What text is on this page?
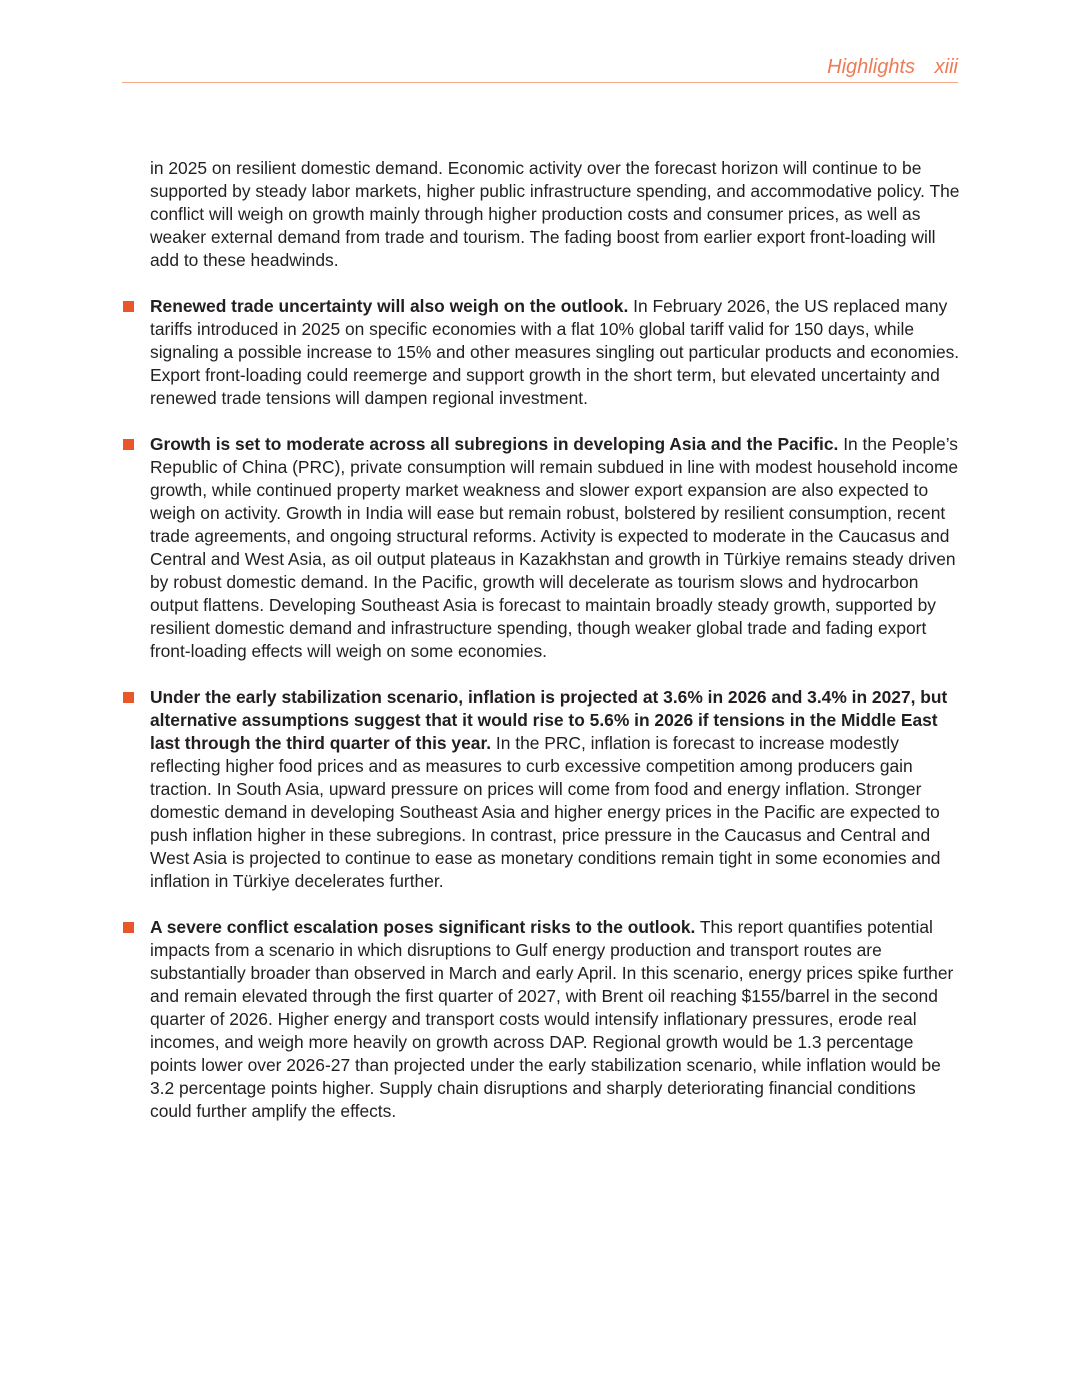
Highlights xiii

in 2025 on resilient domestic demand. Economic activity over the forecast horizon will continue to be supported by steady labor markets, higher public infrastructure spending, and accommodative policy. The conflict will weigh on growth mainly through higher production costs and consumer prices, as well as weaker external demand from trade and tourism. The fading boost from earlier export front-loading will add to these headwinds.

Renewed trade uncertainty will also weigh on the outlook. In February 2026, the US replaced many tariffs introduced in 2025 on specific economies with a flat 10% global tariff valid for 150 days, while signaling a possible increase to 15% and other measures singling out particular products and economies. Export front-loading could reemerge and support growth in the short term, but elevated uncertainty and renewed trade tensions will dampen regional investment.

Growth is set to moderate across all subregions in developing Asia and the Pacific. In the People’s Republic of China (PRC), private consumption will remain subdued in line with modest household income growth, while continued property market weakness and slower export expansion are also expected to weigh on activity. Growth in India will ease but remain robust, bolstered by resilient consumption, recent trade agreements, and ongoing structural reforms. Activity is expected to moderate in the Caucasus and Central and West Asia, as oil output plateaus in Kazakhstan and growth in Türkiye remains steady driven by robust domestic demand. In the Pacific, growth will decelerate as tourism slows and hydrocarbon output flattens. Developing Southeast Asia is forecast to maintain broadly steady growth, supported by resilient domestic demand and infrastructure spending, though weaker global trade and fading export front-loading effects will weigh on some economies.

Under the early stabilization scenario, inflation is projected at 3.6% in 2026 and 3.4% in 2027, but alternative assumptions suggest that it would rise to 5.6% in 2026 if tensions in the Middle East last through the third quarter of this year. In the PRC, inflation is forecast to increase modestly reflecting higher food prices and as measures to curb excessive competition among producers gain traction. In South Asia, upward pressure on prices will come from food and energy inflation. Stronger domestic demand in developing Southeast Asia and higher energy prices in the Pacific are expected to push inflation higher in these subregions. In contrast, price pressure in the Caucasus and Central and West Asia is projected to continue to ease as monetary conditions remain tight in some economies and inflation in Türkiye decelerates further.

A severe conflict escalation poses significant risks to the outlook. This report quantifies potential impacts from a scenario in which disruptions to Gulf energy production and transport routes are substantially broader than observed in March and early April. In this scenario, energy prices spike further and remain elevated through the first quarter of 2027, with Brent oil reaching $155/barrel in the second quarter of 2026. Higher energy and transport costs would intensify inflationary pressures, erode real incomes, and weigh more heavily on growth across DAP. Regional growth would be 1.3 percentage points lower over 2026-27 than projected under the early stabilization scenario, while inflation would be 3.2 percentage points higher. Supply chain disruptions and sharply deteriorating financial conditions could further amplify the effects.
